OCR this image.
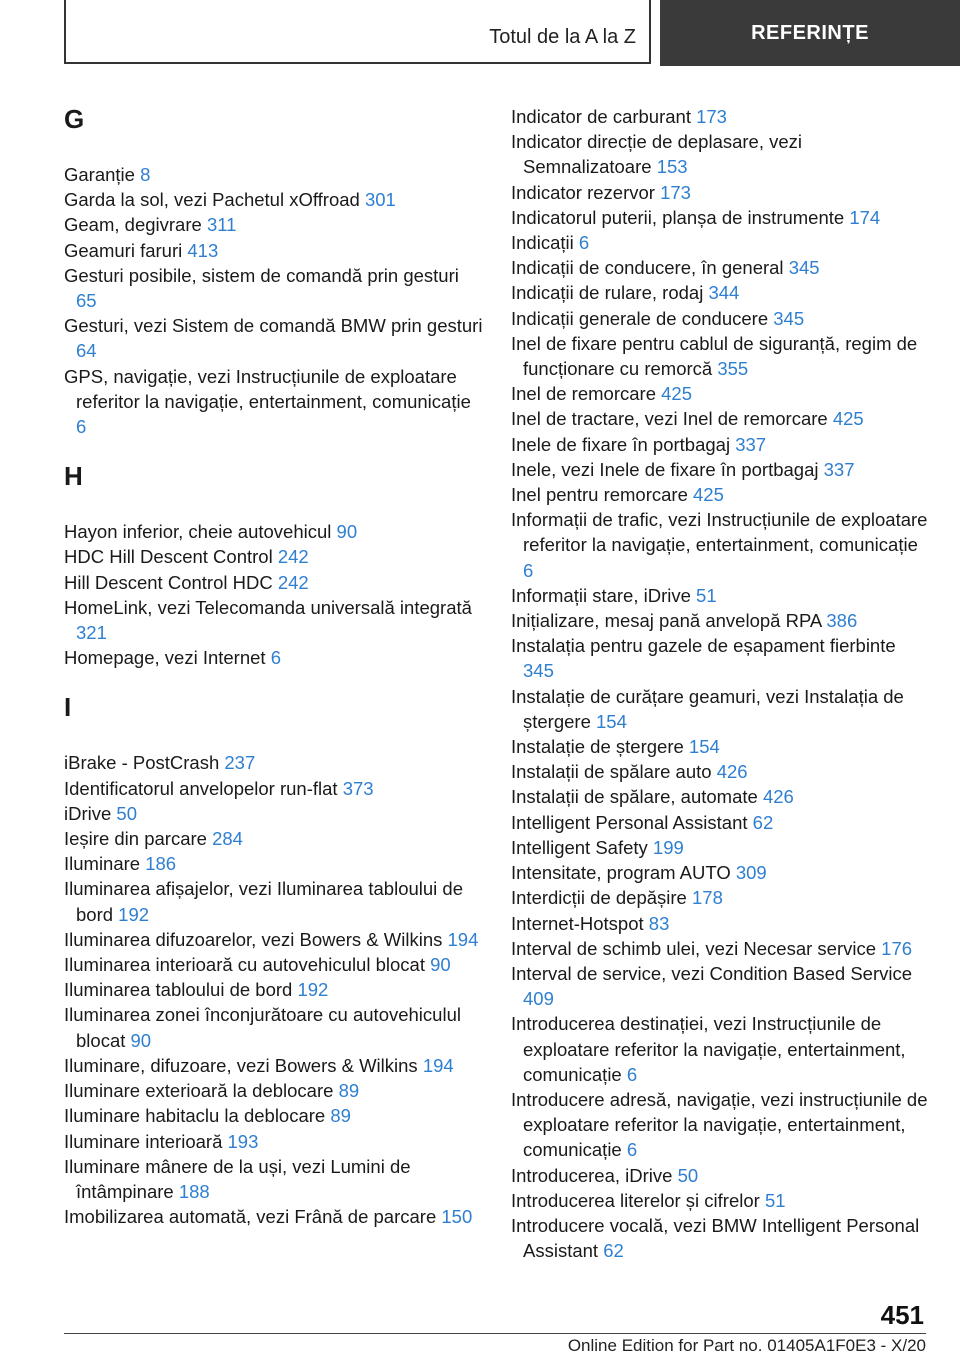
Totul de la A la Z	REFERINȚE
G
Garanție 8
Garda la sol, vezi Pachetul xOffroad 301
Geam, degivrare 311
Geamuri faruri 413
Gesturi posibile, sistem de comandă prin gesturi 65
Gesturi, vezi Sistem de comandă BMW prin gesturi 64
GPS, navigație, vezi Instrucțiunile de exploatare referitor la navigație, entertainment, comunicație 6
H
Hayon inferior, cheie autovehicul 90
HDC Hill Descent Control 242
Hill Descent Control HDC 242
HomeLink, vezi Telecomanda universală integrată 321
Homepage, vezi Internet 6
I
iBrake - PostCrash 237
Identificatorul anvelopelor run-flat 373
iDrive 50
Ieșire din parcare 284
Iluminare 186
Iluminarea afișajelor, vezi Iluminarea tabloului de bord 192
Iluminarea difuzoarelor, vezi Bowers & Wilkins 194
Iluminarea interioară cu autovehiculul blocat 90
Iluminarea tabloului de bord 192
Iluminarea zonei înconjurătoare cu autovehiculul blocat 90
Iluminare, difuzoare, vezi Bowers & Wilkins 194
Iluminare exterioară la deblocare 89
Iluminare habitaclu la deblocare 89
Iluminare interioară 193
Iluminare mânere de la uși, vezi Lumini de întâmpinare 188
Imobilizarea automată, vezi Frână de parcare 150
Indicator de carburant 173
Indicator direcție de deplasare, vezi Semnalizatoare 153
Indicator rezervor 173
Indicatorul puterii, planșa de instrumente 174
Indicații 6
Indicații de conducere, în general 345
Indicații de rulare, rodaj 344
Indicații generale de conducere 345
Inel de fixare pentru cablul de siguranță, regim de funcționare cu remorcă 355
Inel de remorcare 425
Inel de tractare, vezi Inel de remorcare 425
Inele de fixare în portbagaj 337
Inele, vezi Inele de fixare în portbagaj 337
Inel pentru remorcare 425
Informații de trafic, vezi Instrucțiunile de exploatare referitor la navigație, entertainment, comunicație 6
Informații stare, iDrive 51
Inițializare, mesaj pană anvelopă RPA 386
Instalația pentru gazele de eșapament fierbinte 345
Instalație de curățare geamuri, vezi Instalația de ștergere 154
Instalație de ștergere 154
Instalații de spălare auto 426
Instalații de spălare, automate 426
Intelligent Personal Assistant 62
Intelligent Safety 199
Intensitate, program AUTO 309
Interdicții de depășire 178
Internet-Hotspot 83
Interval de schimb ulei, vezi Necesar service 176
Interval de service, vezi Condition Based Service 409
Introducerea destinației, vezi Instrucțiunile de exploatare referitor la navigație, entertainment, comunicație 6
Introducere adresă, navigație, vezi instrucțiunile de exploatare referitor la navigație, entertainment, comunicație 6
Introducerea, iDrive 50
Introducerea literelor și cifrelor 51
Introducere vocală, vezi BMW Intelligent Personal Assistant 62
451
Online Edition for Part no. 01405A1F0E3 - X/20
